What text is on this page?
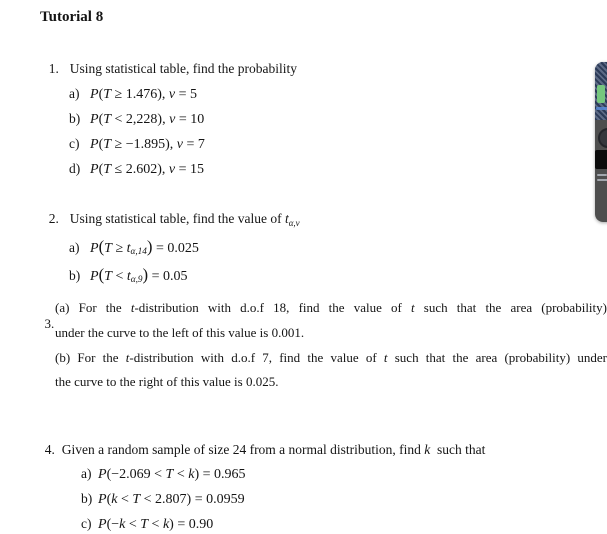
Tutorial 8

1. Using statistical table, find the probability

a) P(T ≥ 1.476), v = 5

b) P(T < 2,228), v = 10

c) P(T ≥ −1.895), v = 7

d) P(T ≤ 2.602), v = 15

2. Using statistical table, find the value of tα,v

a) P(T ≥ tα,14) = 0.025

b) P(T < tα,9) = 0.05

3.

(a) For the t-distribution with d.o.f 18, find the value of t such that the area (probability)
under the curve to the left of this value is 0.001.
(b) For the t-distribution with d.o.f 7, find the value of t such that the area (probability) under
the curve to the right of this value is 0.025.

4. Given a random sample of size 24 from a normal distribution, find k  such that

a) P(−2.069 < T < k) = 0.965

b) P(k < T < 2.807) = 0.0959

c) P(−k < T < k) = 0.90
